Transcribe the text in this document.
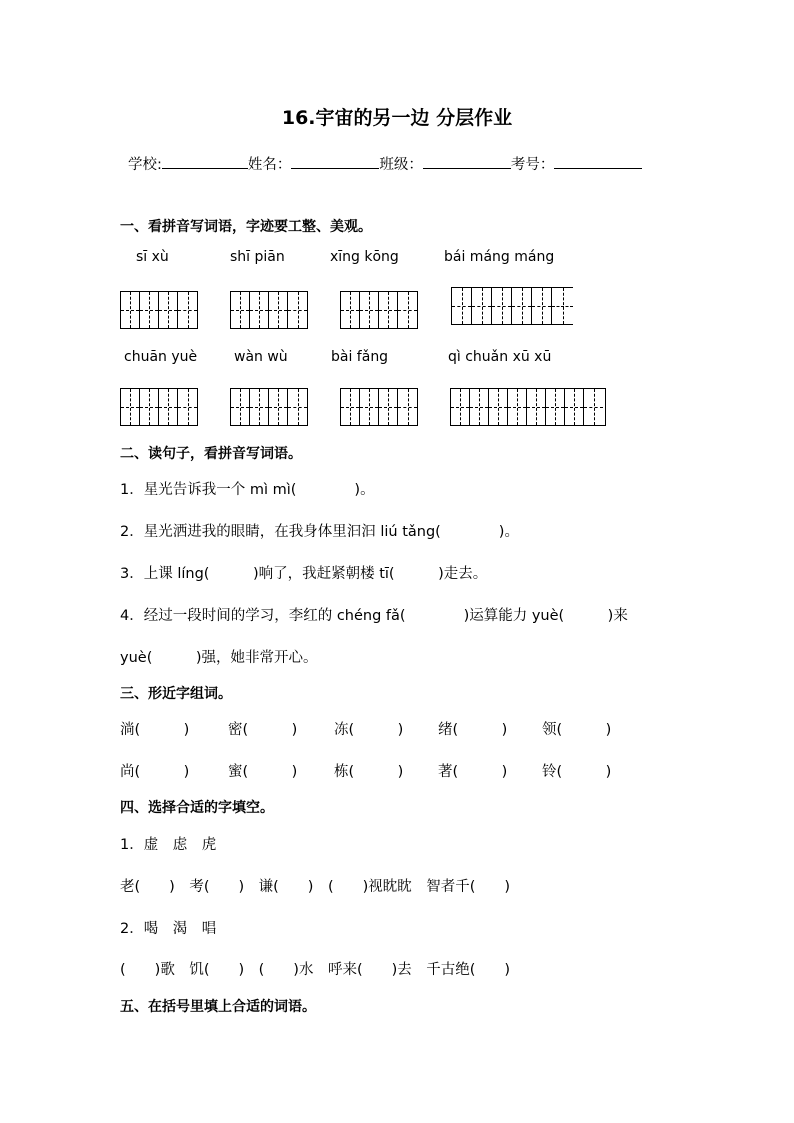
16.宇宙的另一边 分层作业
学校:	姓名：	班级：	考号：
一、看拼音写词语，字迹要工整、美观。
sī xù	shī piān	xīng kōng	bái máng máng
chuān yuè	wàn wù	bài fǎng	qì chuǎn xū xū
二、读句子，看拼音写词语。
1．星光告诉我一个 mì mì(　　　　)。
2．星光洒进我的眼睛，在我身体里汩汩 liú tǎng(　　　　)。
3．上课 líng(　　　)响了，我赶紧朝楼 tī(　　　)走去。
4．经过一段时间的学习，李红的 chéng fǎ(　　　　)运算能力 yuè(　　　)来
yuè(　　　)强，她非常开心。
三、形近字组词。
淌(　　　)	密(　　　)	冻(　　　) 绪(　　　) 领(　　　)
尚(　　　)	蜜(　　　)	栋(　　　) 著(　　　) 铃(　　　)
四、选择合适的字填空。
1．虚　虑　虎
老(　　)　考(　　)　谦(　　)　(　　)视眈眈　智者千(　　)
2．喝　渴　唱
(　　)歌　饥(　　)　(　　)水　呼来(　　)去　千古绝(　　)
五、在括号里填上合适的词语。
